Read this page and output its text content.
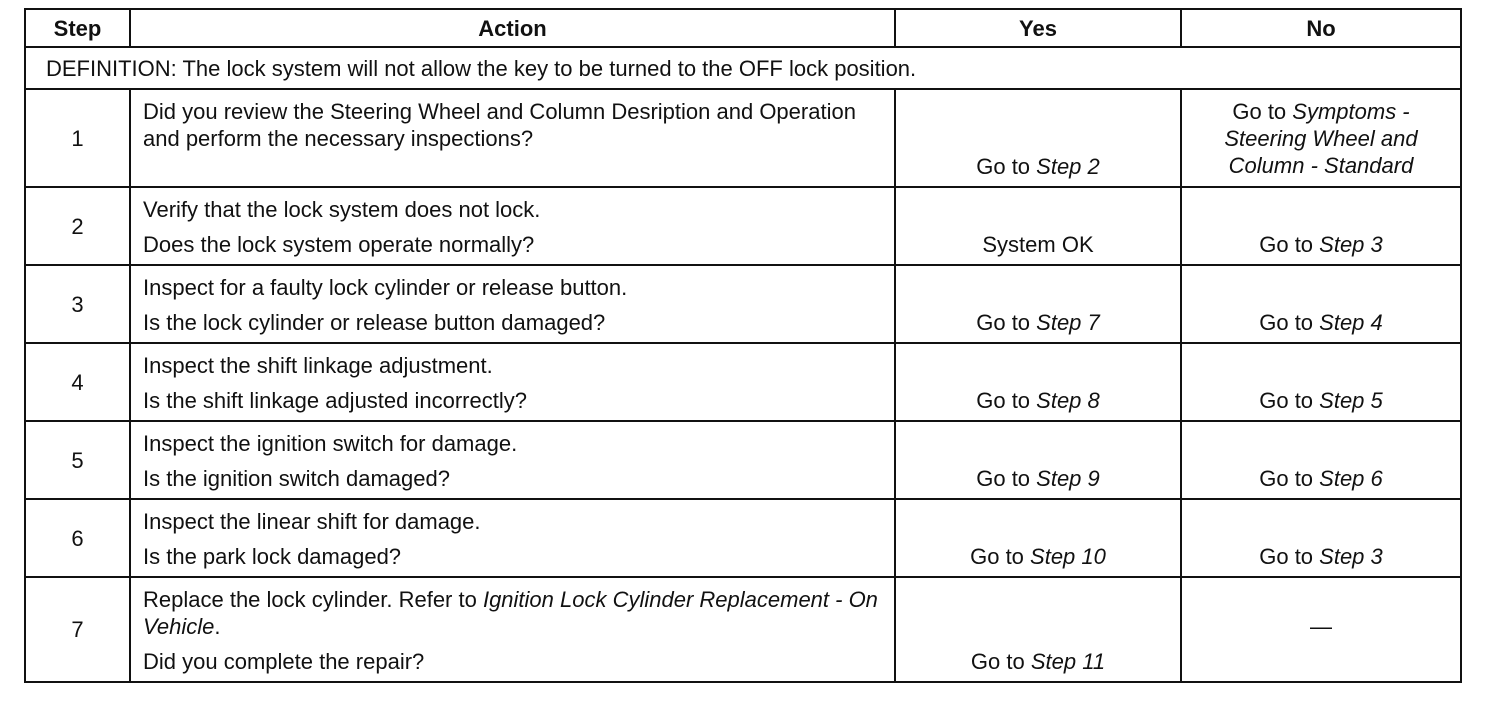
Step	Action	Yes	No
DEFINITION: The lock system will not allow the key to be turned to the OFF lock position.			
1	Did you review the Steering Wheel and Column Desription and Operation and perform the necessary inspections?	Go to Step 2	Go to Symptoms - Steering Wheel and Column - Standard
2	Verify that the lock system does not lock.

Does the lock system operate normally?	System OK	Go to Step 3
3	Inspect for a faulty lock cylinder or release button.

Is the lock cylinder or release button damaged?	Go to Step 7	Go to Step 4
4	Inspect the shift linkage adjustment.

Is the shift linkage adjusted incorrectly?	Go to Step 8	Go to Step 5
5	Inspect the ignition switch for damage.

Is the ignition switch damaged?	Go to Step 9	Go to Step 6
6	Inspect the linear shift for damage.

Is the park lock damaged?	Go to Step 10	Go to Step 3
7	Replace the lock cylinder. Refer to Ignition Lock Cylinder Replacement - On Vehicle.

Did you complete the repair?	Go to Step 11	—
